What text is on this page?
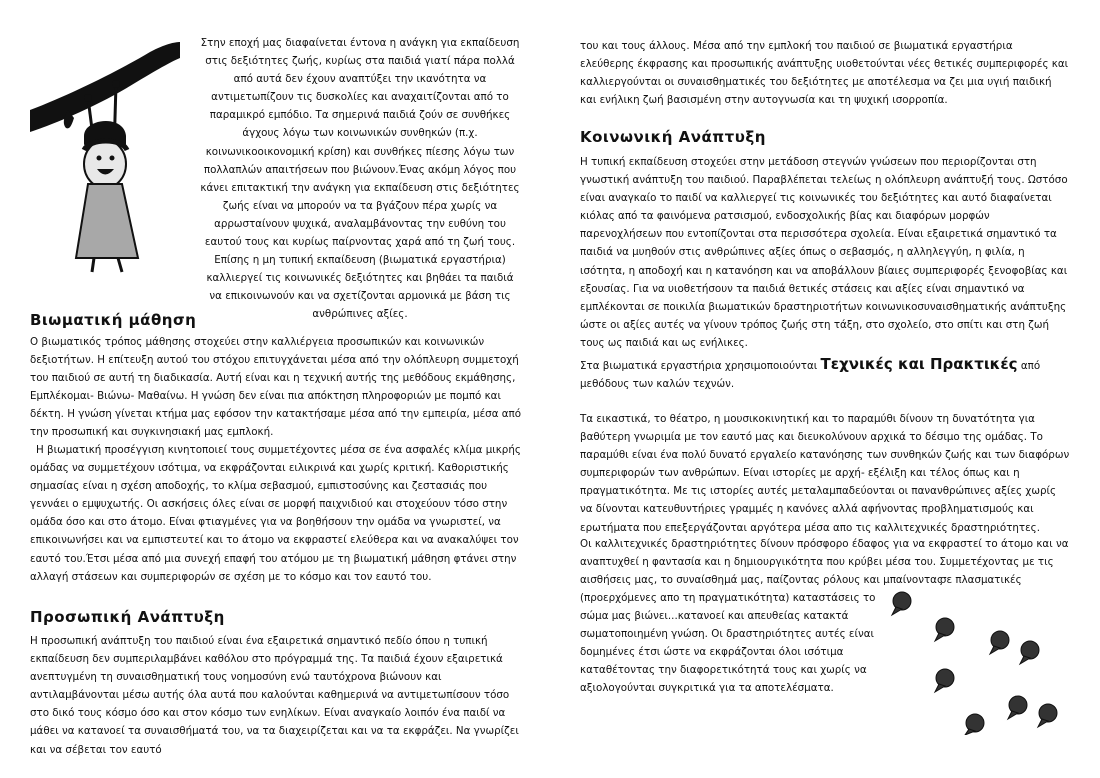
Στην εποχή μας διαφαίνεται έντονα η ανάγκη για εκπαίδευση στις δεξιότητες ζωής, κυρίως στα παιδιά γιατί πάρα πολλά από αυτά δεν έχουν αναπτύξει την ικανότητα να αντιμετωπίζουν τις δυσκολίες και αναχαιτίζονται από το παραμικρό εμπόδιο. Τα σημερινά παιδιά ζούν σε συνθήκες άγχους λόγω των κοινωνικών συνθηκών (π.χ. κοινωνικοοικονομική κρίση) και συνθήκες πίεσης λόγω των πολλαπλών απαιτήσεων που βιώνουν.Ένας ακόμη λόγος που κάνει επιτακτική την ανάγκη για εκπαίδευση στις δεξιότητες ζωής είναι να μπορούν να τα βγάζουν πέρα χωρίς να αρρωσταίνουν ψυχικά, αναλαμβάνοντας την ευθύνη του εαυτού τους και κυρίως παίρνοντας χαρά από τη ζωή τους. Επίσης η μη τυπική εκπαίδευση (βιωματικά εργαστήρια) καλλιεργεί τις κοινωνικές δεξιότητες και βηθάει τα παιδιά να επικοινωνούν και να σχετίζονται αρμονικά με βάση τις ανθρώπινες αξίες.

Βιωματική μάθηση

Ο βιωματικός τρόπος μάθησης στοχεύει στην καλλιέργεια προσωπικών και κοινωνικών δεξιοτήτων. Η επίτευξη αυτού του στόχου επιτυγχάνεται μέσα από την ολόπλευρη συμμετοχή του παιδιού σε αυτή τη διαδικασία. Αυτή είναι και η τεχνική αυτής της μεθόδους εκμάθησης, Εμπλέκομαι- Βιώνω- Μαθαίνω. Η γνώση δεν είναι πια απόκτηση πληροφοριών με πομπό και δέκτη. Η γνώση γίνεται κτήμα μας εφόσον την κατακτήσαμε μέσα από την εμπειρία, μέσα από την προσωπική και συγκινησιακή μας εμπλοκή.

Η βιωματική προσέγγιση κινητοποιεί τους συμμετέχοντες μέσα σε ένα ασφαλές κλίμα μικρής ομάδας να συμμετέχουν ισότιμα, να εκφράζονται ειλικρινά και χωρίς κριτική. Καθοριστικής σημασίας είναι η σχέση αποδοχής, το κλίμα σεβασμού, εμπιστοσύνης και ζεστασιάς που γεννάει ο εμψυχωτής. Οι ασκήσεις όλες είναι σε μορφή παιχνιδιού και στοχεύουν τόσο στην ομάδα όσο και στο άτομο. Είναι φτιαγμένες για να βοηθήσουν την ομάδα να γνωριστεί, να επικοινωνήσει και να εμπιστευτεί και το άτομο να εκφραστεί ελεύθερα και να ανακαλύψει τον εαυτό του.Έτσι μέσα από μια συνεχή επαφή του ατόμου με τη βιωματική μάθηση φτάνει στην αλλαγή στάσεων και συμπεριφορών σε σχέση με το κόσμο και τον εαυτό του.

Προσωπική Ανάπτυξη

Η προσωπική ανάπτυξη του παιδιού είναι ένα εξαιρετικά σημαντικό πεδίο όπου η τυπική εκπαίδευση δεν συμπεριλαμβάνει καθόλου στο πρόγραμμά της. Τα παιδιά έχουν εξαιρετικά ανεπτυγμένη τη συναισθηματική τους νοημοσύνη ενώ ταυτόχρονα βιώνουν και αντιλαμβάνονται μέσω αυτής όλα αυτά που καλούνται καθημερινά να αντιμετωπίσουν τόσο στο δικό τους κόσμο όσο και στον κόσμο των ενηλίκων. Είναι αναγκαίο λοιπόν ένα παιδί να μάθει να κατανοεί τα συναισθήματά του, να τα διαχειρίζεται και να τα εκφράζει. Να γνωρίζει και να σέβεται τον εαυτό

του και τους άλλους. Μέσα από την εμπλοκή του παιδιού σε βιωματικά εργαστήρια ελεύθερης έκφρασης και προσωπικής ανάπτυξης υιοθετούνται νέες θετικές συμπεριφορές και καλλιεργούνται οι συναισθηματικές του δεξιότητες με αποτέλεσμα να ζει μια υγιή παιδική και ενήλικη ζωή βασισμένη στην αυτογνωσία και τη ψυχική ισορροπία.

Κοινωνική Ανάπτυξη

Η τυπική εκπαίδευση στοχεύει στην μετάδοση στεγνών γνώσεων που περιορίζονται στη γνωστική ανάπτυξη του παιδιού. Παραβλέπεται τελείως η ολόπλευρη ανάπτυξή τους. Ωστόσο είναι αναγκαίο το παιδί να καλλιεργεί τις κοινωνικές του δεξιότητες και αυτό διαφαίνεται κιόλας από τα φαινόμενα ρατσισμού, ενδοσχολικής βίας και διαφόρων μορφών παρενοχλήσεων που εντοπίζονται στα περισσότερα σχολεία. Είναι εξαιρετικά σημαντικό τα παιδιά να μυηθούν στις ανθρώπινες αξίες όπως ο σεβασμός, η αλληλεγγύη, η φιλία, η ισότητα, η αποδοχή και η κατανόηση και να αποβάλλουν βίαιες συμπεριφορές ξενοφοβίας και εξουσίας. Για να υιοθετήσουν τα παιδιά θετικές στάσεις και αξίες είναι σημαντικό να εμπλέκονται σε ποικιλία βιωματικών δραστηριοτήτων κοινωνικοσυναισθηματικής ανάπτυξης ώστε οι αξίες αυτές να γίνουν τρόπος ζωής στη τάξη, στο σχολείο, στο σπίτι και στη ζωή τους ως παιδιά και ως ενήλικες.

Στα βιωματικά εργαστήρια χρησιμοποιούνται Τεχνικές και Πρακτικές από μεθόδους των καλών τεχνών.

Τα εικαστικά, το θέατρο, η μουσικοκινητική και το παραμύθι δίνουν τη δυνατότητα για βαθύτερη γνωριμία με τον εαυτό μας και διευκολύνουν αρχικά το δέσιμο της ομάδας. Το παραμύθι είναι ένα πολύ δυνατό εργαλείο κατανόησης των συνθηκών ζωής και των διαφόρων συμπεριφορών των ανθρώπων. Είναι ιστορίες με αρχή- εξέλιξη και τέλος όπως και η πραγματικότητα. Με τις ιστορίες αυτές μεταλαμπαδεύονται οι πανανθρώπινες αξίες χωρίς να δίνονται κατευθυντήριες γραμμές η κανόνες αλλά αφήνοντας προβληματισμούς και ερωτήματα που επεξεργάζονται αργότερα μέσα απο τις καλλιτεχνικές δραστηριότητες.

Οι καλλιτεχνικές δραστηριότητες δίνουν πρόσφορο έδαφος για να εκφραστεί το άτομο και να αναπτυχθεί η φαντασία και η δημιουργικότητα που κρύβει μέσα του. Συμμετέχοντας με τις αισθήσεις μας, το συναίσθημά μας, παίζοντας ρόλους και μπαίνοντας

σε πλασματικές

(προερχόμενες απο τη πραγματικότητα) καταστάσεις το σώμα μας βιώνει...κατανοεί και απευθείας κατακτά σωματοποιημένη γνώση. Οι δραστηριότητες αυτές είναι δομημένες έτσι ώστε να εκφράζονται όλοι ισότιμα καταθέτοντας την διαφορετικότητά τους και χωρίς να αξιολογούνται συγκριτικά για τα αποτελέσματα.
